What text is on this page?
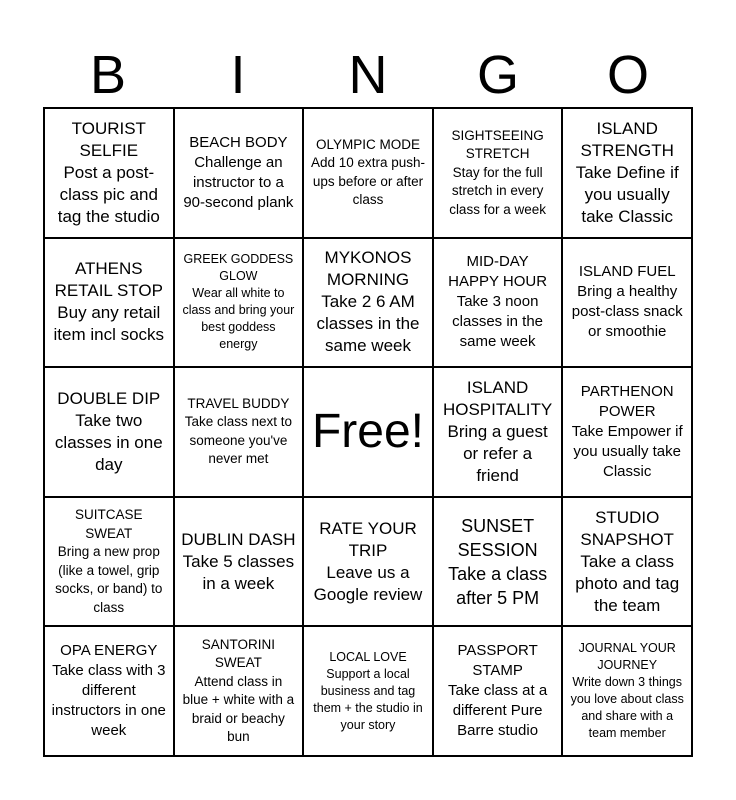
B	I	N	G	O
TOURIST SELFIE
Post a post-class pic and tag the studio
BEACH BODY
Challenge an instructor to a 90-second plank
OLYMPIC MODE
Add 10 extra push-ups before or after class
SIGHTSEEING STRETCH
Stay for the full stretch in every class for a week
ISLAND STRENGTH
Take Define if you usually take Classic
ATHENS RETAIL STOP
Buy any retail item incl socks
GREEK GODDESS GLOW
Wear all white to class and bring your best goddess energy
MYKONOS MORNING
Take 2 6 AM classes in the same week
MID-DAY HAPPY HOUR
Take 3 noon classes in the same week
ISLAND FUEL
Bring a healthy post-class snack or smoothie
DOUBLE DIP
Take two classes in one day
TRAVEL BUDDY
Take class next to someone you've never met
Free!
ISLAND HOSPITALITY
Bring a guest or refer a friend
PARTHENON POWER
Take Empower if you usually take Classic
SUITCASE SWEAT
Bring a new prop (like a towel, grip socks, or band) to class
DUBLIN DASH
Take 5 classes in a week
RATE YOUR TRIP
Leave us a Google review
SUNSET SESSION
Take a class after 5 PM
STUDIO SNAPSHOT
Take a class photo and tag the team
OPA ENERGY
Take class with 3 different instructors in one week
SANTORINI SWEAT
Attend class in blue + white with a braid or beachy bun
LOCAL LOVE
Support a local business and tag them + the studio in your story
PASSPORT STAMP
Take class at a different Pure Barre studio
JOURNAL YOUR JOURNEY
Write down 3 things you love about class and share with a team member
